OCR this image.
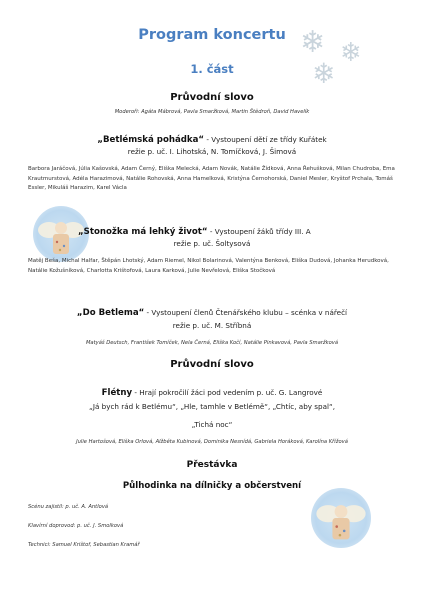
❄ ❄
❄
Program koncertu
1. část
Průvodní slovo
Moderoři: Agáta Mábrová, Pavla Smaržková, Martin Štědroň, David Havelík
„Betlémská pohádka“ - Vystoupení dětí ze třídy Kuřátek
režie p. uč. I. Lihotská, N. Tomíčková, J. Šimová
Barbora Jaráčová, Júlia Kašovská, Adam Černý, Eliška Melecká, Adam Novák, Natálie Žídková, Anna Řehušková, Milan Chudroba, Ema Krautmurstová, Adéla Harazimová, Natálie Rohovská, Anna Hamelková, Kristýna Černohorská, Daniel Mesler, Kryštof Prchala, Tomáš Essler, Mikuláš Harazim, Karel Václa
„Stonožka má lehký život“ - Vystoupení žáků třídy III. A
režie p. uč. Šoltysová
Matěj Beša, Michal Halfar, Štěpán Lhotský, Adam Riemel, Nikol Bolarinová, Valentýna Benková, Eliška Dudová, Johanka Herudková, Natálie Kožušníková, Charlotta Krištofová, Laura Karková, Julie Nevřelová, Eliška Stočková
„Do Betlema“ - Vystoupení členů Čtenářského klubu – scénka v nářečí
režie p. uč. M. Stříbná
Matyáš Deutsch, František Tomíček, Nela Černá, Eliška Kočí, Natálie Pinkavová, Pavla Smaržková
Průvodní slovo
Flétny - Hrají pokročilí žáci pod vedením p. uč. G. Langrové
„Já bych rád k Betlému“, „Hle, tamhle v Betlémě“, „Chtíc, aby spal“,
„Tichá noc“
Julie Hartošová, Eliška Orlová, Alžběta Kubinová, Dominika Nesnídá, Gabriela Horáková, Karolína Křížová
Přestávka
Půlhodinka na dílničky a občerstvení
Scénu zajistil: p. uč. A. Antlová
Klavírní doprovod: p. uč. J. Smolková
Technici: Samuel Krištof, Sebastian Kramář
